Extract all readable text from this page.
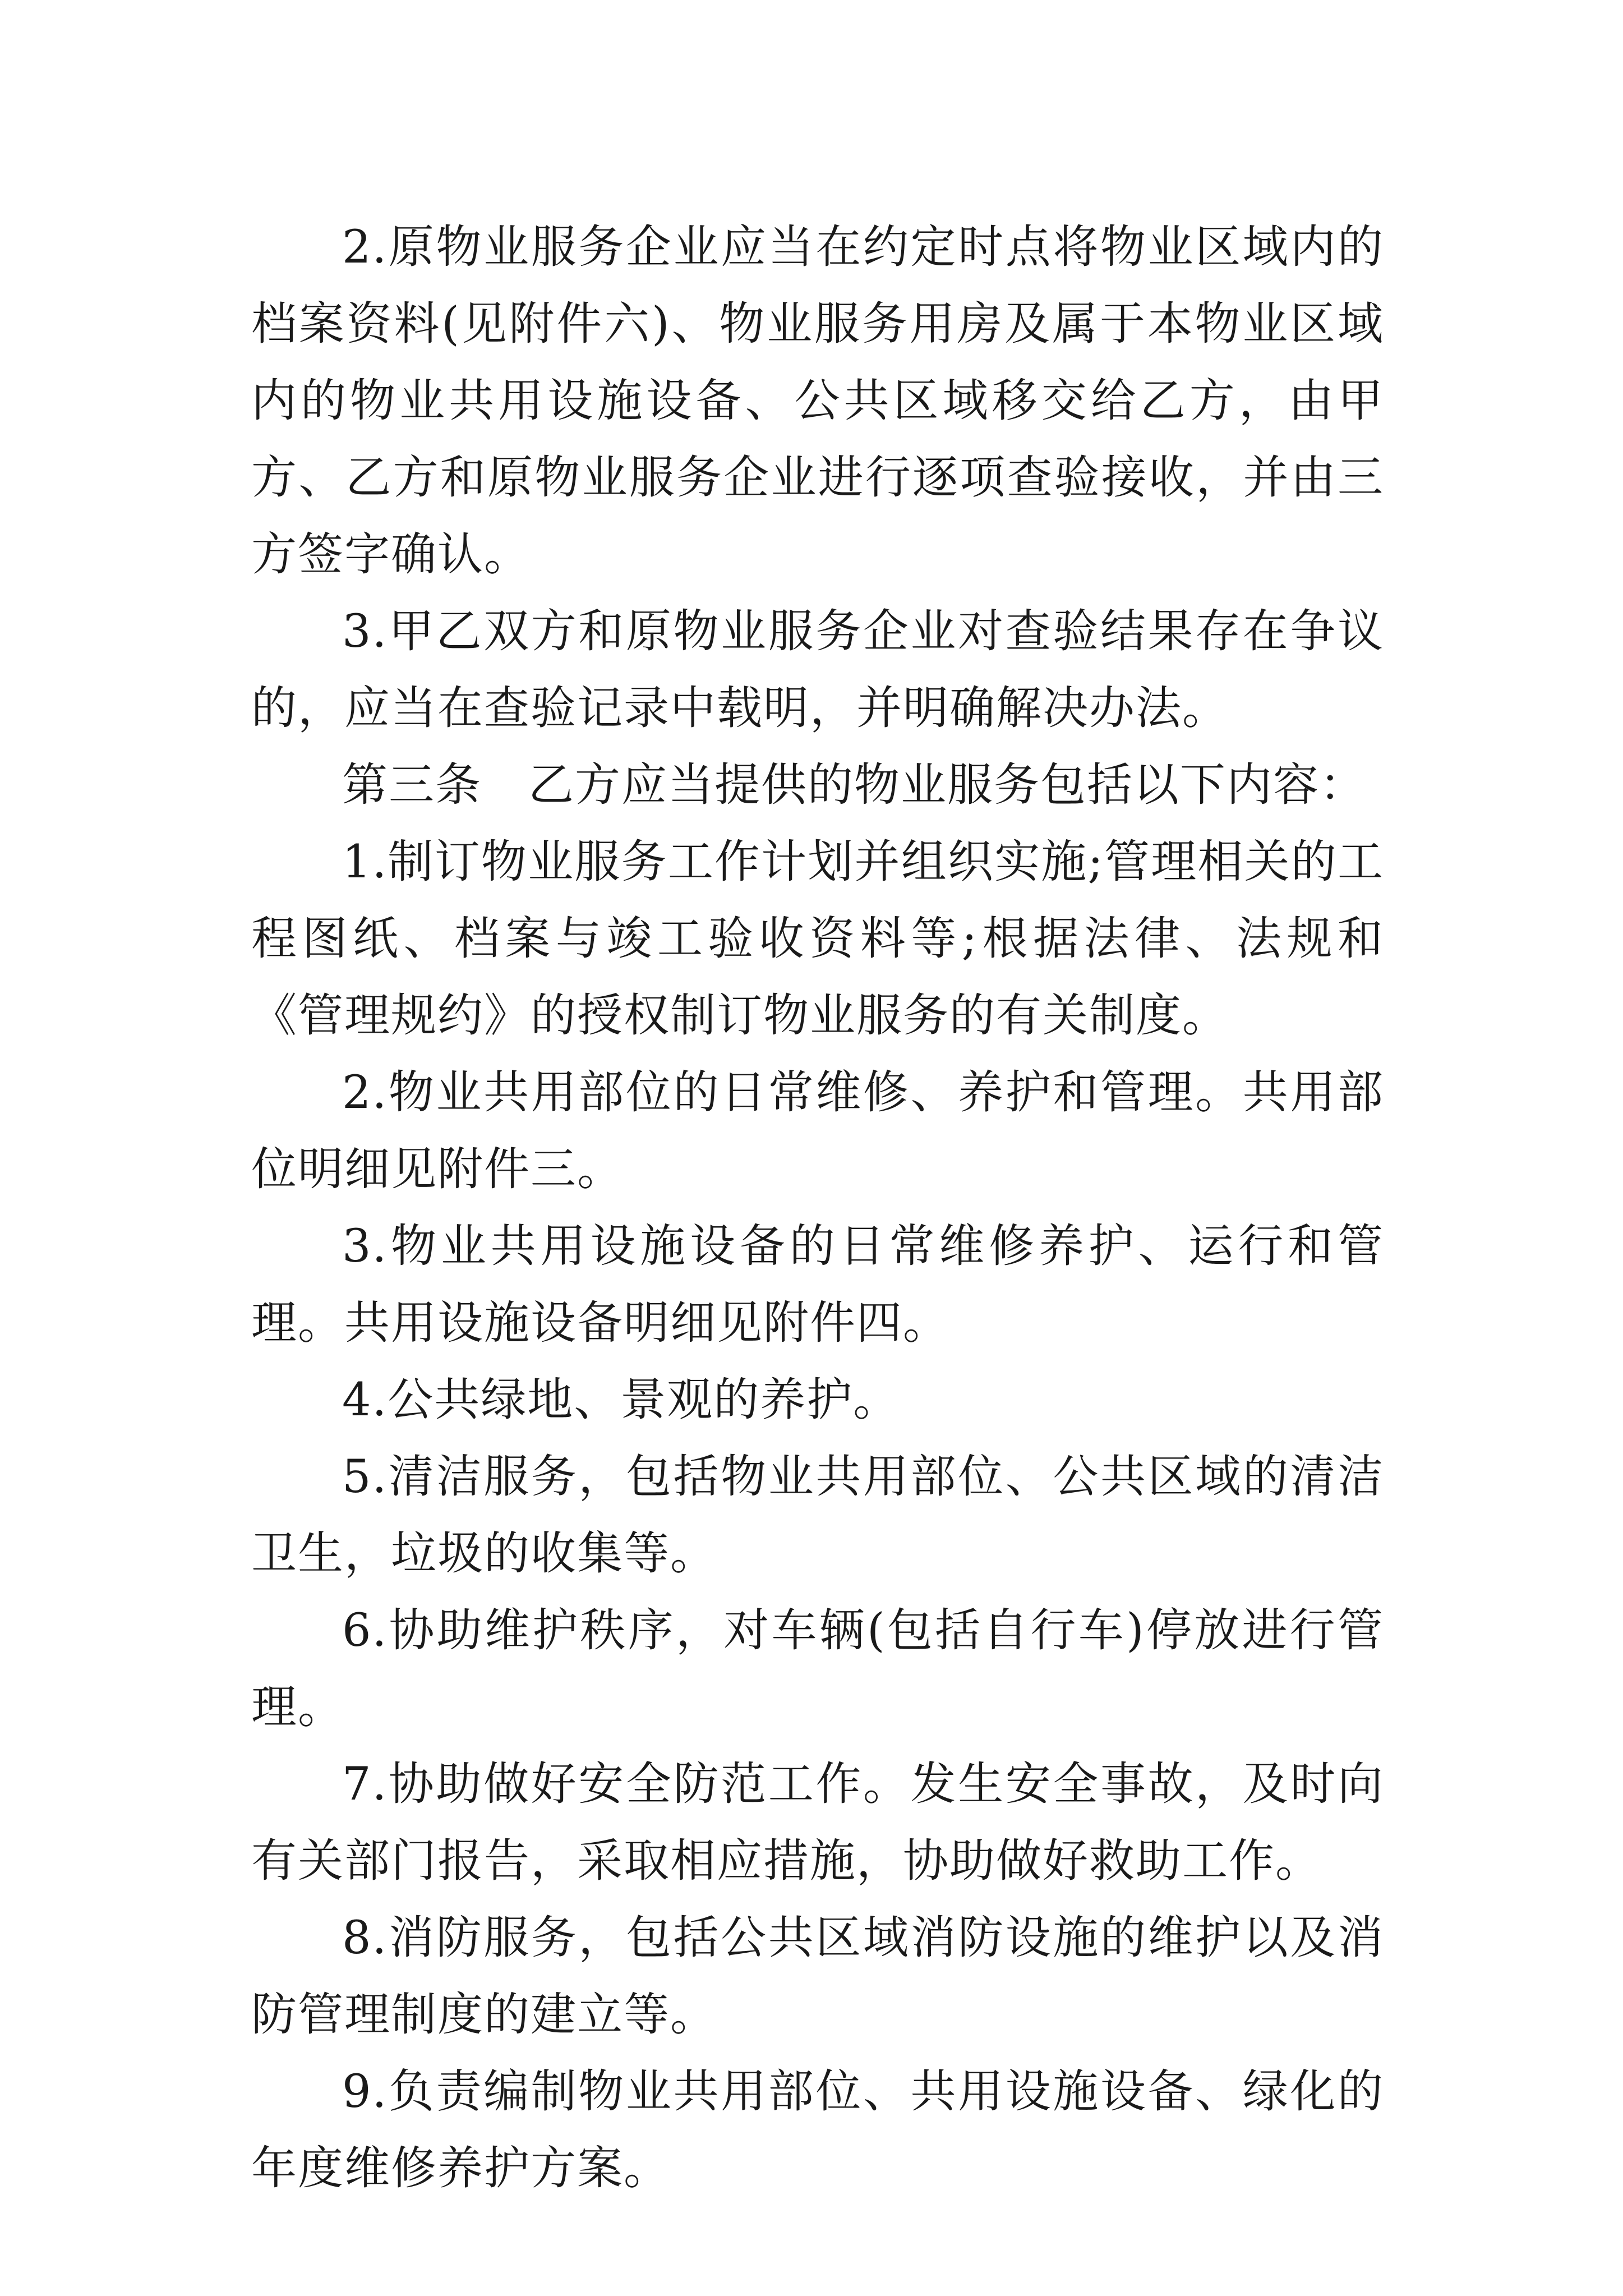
2.原物业服务企业应当在约定时点将物业区域内的档案资料(见附件六)、物业服务用房及属于本物业区域内的物业共用设施设备、公共区域移交给乙方，由甲方、乙方和原物业服务企业进行逐项查验接收，并由三方签字确认。

3.甲乙双方和原物业服务企业对查验结果存在争议的，应当在查验记录中载明，并明确解决办法。

第三条　乙方应当提供的物业服务包括以下内容：

1.制订物业服务工作计划并组织实施;管理相关的工程图纸、档案与竣工验收资料等;根据法律、法规和《管理规约》的授权制订物业服务的有关制度。

2.物业共用部位的日常维修、养护和管理。共用部位明细见附件三。

3.物业共用设施设备的日常维修养护、运行和管理。共用设施设备明细见附件四。

4.公共绿地、景观的养护。

5.清洁服务，包括物业共用部位、公共区域的清洁卫生，垃圾的收集等。

6.协助维护秩序，对车辆(包括自行车)停放进行管理。

7.协助做好安全防范工作。发生安全事故，及时向有关部门报告，采取相应措施，协助做好救助工作。

8.消防服务，包括公共区域消防设施的维护以及消防管理制度的建立等。

9.负责编制物业共用部位、共用设施设备、绿化的年度维修养护方案。
